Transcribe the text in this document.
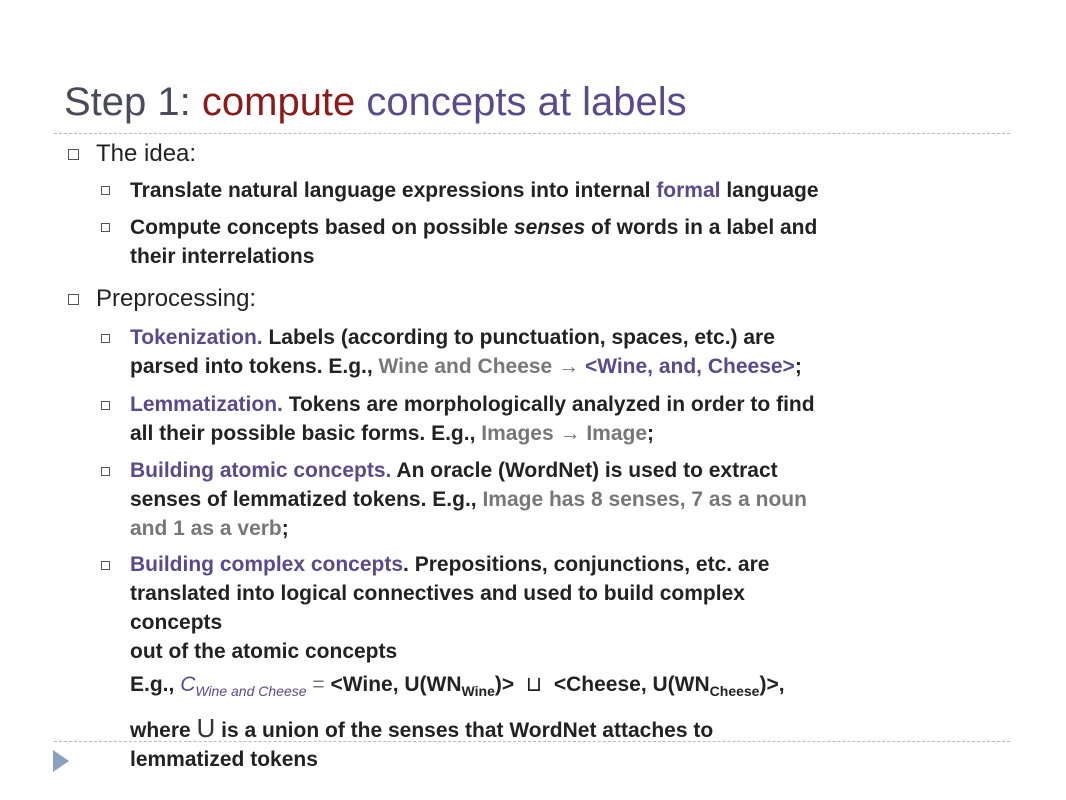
Step 1: compute concepts at labels
The idea:
Translate natural language expressions into internal formal language
Compute concepts based on possible senses of words in a label and
their interrelations
Preprocessing:
Tokenization. Labels (according to punctuation, spaces, etc.) are
parsed into tokens. E.g., Wine and Cheese → <Wine, and, Cheese>;
Lemmatization. Tokens are morphologically analyzed in order to find
all their possible basic forms. E.g., Images → Image;
Building atomic concepts. An oracle (WordNet) is used to extract
senses of lemmatized tokens. E.g., Image has 8 senses, 7 as a noun
and 1 as a verb;
Building complex concepts. Prepositions, conjunctions, etc. are
translated into logical connectives and used to build complex
concepts
out of the atomic concepts
E.g., $C_{Wine and Cheese}$ = <Wine, $U(WN_{Wine})>$ ⊔ <Cheese, $U(WN_{Cheese})>$,
where U is a union of the senses that WordNet attaches to
lemmatized tokens
